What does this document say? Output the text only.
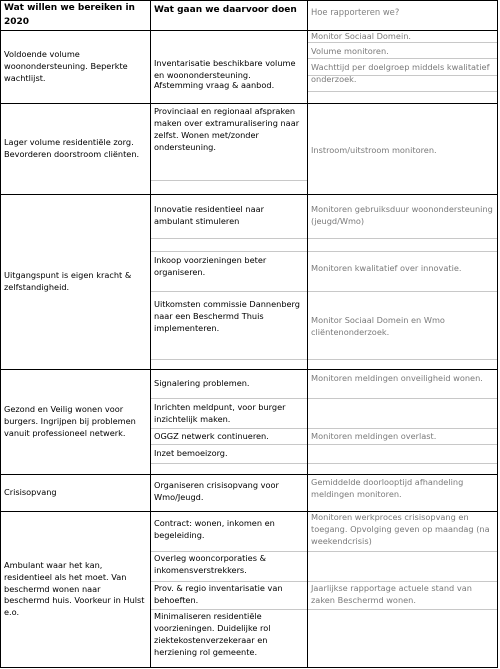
Wat willen we bereiken in 2020
Wat gaan we daarvoor doen	Hoe rapporteren we?
Voldoende volume woonondersteuning. Beperkte wachtlijst.
Inventarisatie beschikbare volume en woonondersteuning.
Afstemming vraag & aanbod.
Monitor Sociaal Domein.
Volume monitoren.
Wachttijd per doelgroep middels kwalitatief onderzoek.
Lager volume residentiële zorg. Bevorderen doorstroom cliënten.
Provinciaal en regionaal afspraken maken over extramuralisering naar zelfst. Wonen met/zonder ondersteuning.	Instroom/uitstroom monitoren.
Uitgangspunt is eigen kracht & zelfstandigheid.
Innovatie residentieel naar ambulant stimuleren
Inkoop voorzieningen beter organiseren.
Uitkomsten commissie Dannenberg naar een Beschermd Thuis implementeren.
Monitoren gebruiksduur woonondersteuning (jeugd/Wmo)
Monitoren kwalitatief over innovatie.
Monitor Sociaal Domein en Wmo cliëntenonderzoek.
Gezond en Veilig wonen voor burgers. Ingrijpen bij problemen vanuit professioneel netwerk.
Signalering problemen.
Inrichten meldpunt, voor burger inzichtelijk maken.
OGGZ netwerk continueren.
Inzet bemoeizorg.
Monitoren meldingen onveiligheid wonen.
Monitoren meldingen overlast.
Crisisopvang
Organiseren crisisopvang voor Wmo/Jeugd.
Gemiddelde doorlooptijd afhandeling meldingen monitoren.
Ambulant waar het kan, residentieel als het moet. Van beschermd wonen naar beschermd huis. Voorkeur in Hulst e.o.
Contract: wonen, inkomen en begeleiding.
Overleg wooncorporaties & inkomensverstrekkers.
Prov. & regio inventarisatie van behoeften.
Minimaliseren residentiële voorzieningen. Duidelijke rol ziektekostenverzekeraar en herziening rol gemeente.
Monitoren werkproces crisisopvang en toegang. Opvolging geven op maandag (na weekendcrisis)
Jaarlijkse rapportage actuele stand van zaken Beschermd wonen.
